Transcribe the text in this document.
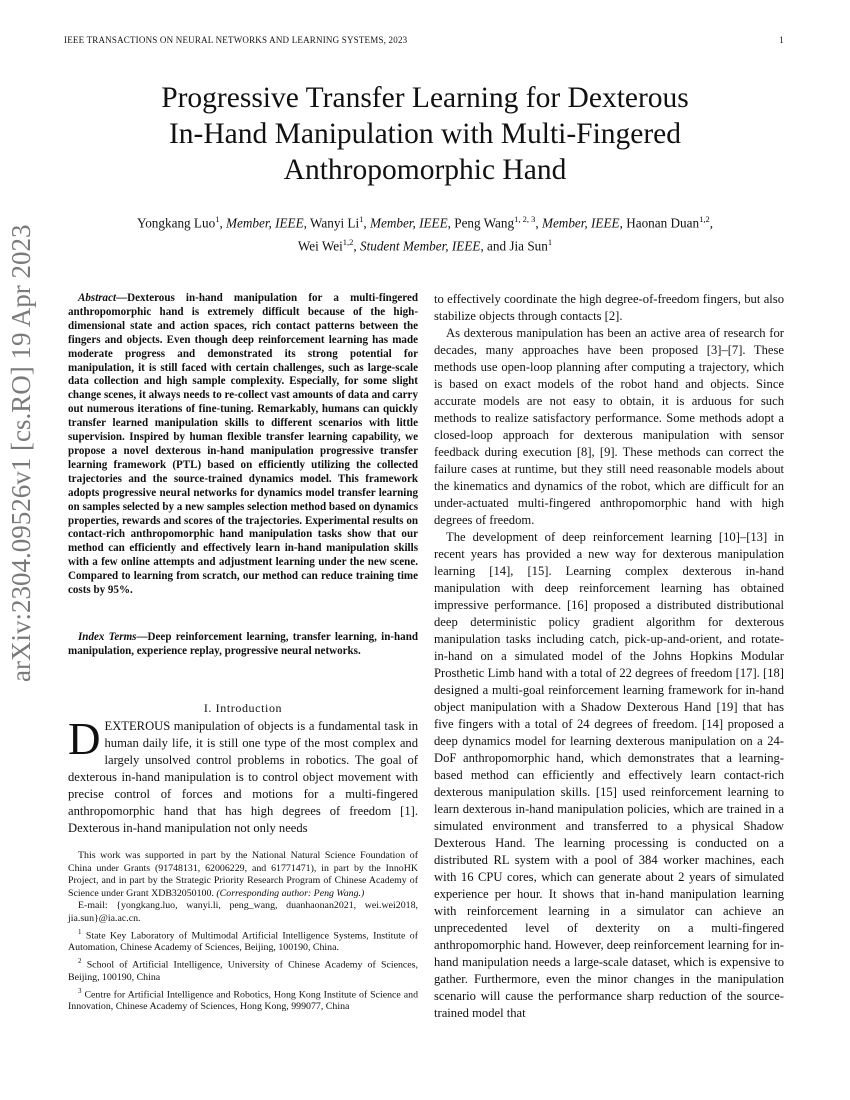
IEEE TRANSACTIONS ON NEURAL NETWORKS AND LEARNING SYSTEMS, 2023	1
Progressive Transfer Learning for Dexterous
In-Hand Manipulation with Multi-Fingered
Anthropomorphic Hand
Yongkang Luo$^1$, Member, IEEE, Wanyi Li$^1$, Member, IEEE, Peng Wang$^{1, 2, 3}$, Member, IEEE, Haonan Duan$^{1,2}$,
Wei Wei$^{1,2}$, Student Member, IEEE, and Jia Sun$^1$
arXiv:2304.09526v1 [cs.RO] 19 Apr 2023	Abstract—Dexterous in-hand manipulation for a multi-fingered anthropomorphic hand is extremely difficult because of the high-dimensional state and action spaces, rich contact patterns between the fingers and objects. Even though deep reinforcement learning has made moderate progress and demonstrated its strong potential for manipulation, it is still faced with certain challenges, such as large-scale data collection and high sample complexity. Especially, for some slight change scenes, it always needs to re-collect vast amounts of data and carry out numerous iterations of fine-tuning. Remarkably, humans can quickly transfer learned manipulation skills to different scenarios with little supervision. Inspired by human flexible transfer learning capability, we propose a novel dexterous in-hand manipulation progressive transfer learning framework (PTL) based on efficiently utilizing the collected trajectories and the source-trained dynamics model. This framework adopts progressive neural networks for dynamics model transfer learning on samples selected by a new samples selection method based on dynamics properties, rewards and scores of the trajectories. Experimental results on contact-rich anthropomorphic hand manipulation tasks show that our method can efficiently and effectively learn in-hand manipulation skills with a few online attempts and adjustment learning under the new scene. Compared to learning from scratch, our method can reduce training time costs by 95%.

Index Terms—Deep reinforcement learning, transfer learning, in-hand manipulation, experience replay, progressive neural networks.

I. Introduction

DEXTEROUS manipulation of objects is a fundamental task in human daily life, it is still one type of the most complex and largely unsolved control problems in robotics. The goal of dexterous in-hand manipulation is to control object movement with precise control of forces and motions for a multi-fingered anthropomorphic hand that has high degrees of freedom [1]. Dexterous in-hand manipulation not only needs

This work was supported in part by the National Natural Science Foundation of China under Grants (91748131, 62006229, and 61771471), in part by the InnoHK Project, and in part by the Strategic Priority Research Program of Chinese Academy of Science under Grant XDB32050100. (Corresponding author: Peng Wang.)

E-mail: {yongkang.luo, wanyi.li, peng_wang, duanhaonan2021, wei.wei2018, jia.sun}@ia.ac.cn.

$^1$ State Key Laboratory of Multimodal Artificial Intelligence Systems, Institute of Automation, Chinese Academy of Sciences, Beijing, 100190, China.

$^2$ School of Artificial Intelligence, University of Chinese Academy of Sciences, Beijing, 100190, China

$^3$ Centre for Artificial Intelligence and Robotics, Hong Kong Institute of Science and Innovation, Chinese Academy of Sciences, Hong Kong, 999077, China

to effectively coordinate the high degree-of-freedom fingers, but also stabilize objects through contacts [2].

As dexterous manipulation has been an active area of research for decades, many approaches have been proposed [3]–[7]. These methods use open-loop planning after computing a trajectory, which is based on exact models of the robot hand and objects. Since accurate models are not easy to obtain, it is arduous for such methods to realize satisfactory performance. Some methods adopt a closed-loop approach for dexterous manipulation with sensor feedback during execution [8], [9]. These methods can correct the failure cases at runtime, but they still need reasonable models about the kinematics and dynamics of the robot, which are difficult for an under-actuated multi-fingered anthropomorphic hand with high degrees of freedom.

The development of deep reinforcement learning [10]–[13] in recent years has provided a new way for dexterous manipulation learning [14], [15]. Learning complex dexterous in-hand manipulation with deep reinforcement learning has obtained impressive performance. [16] proposed a distributed distributional deep deterministic policy gradient algorithm for dexterous manipulation tasks including catch, pick-up-and-orient, and rotate-in-hand on a simulated model of the Johns Hopkins Modular Prosthetic Limb hand with a total of 22 degrees of freedom [17]. [18] designed a multi-goal reinforcement learning framework for in-hand object manipulation with a Shadow Dexterous Hand [19] that has five fingers with a total of 24 degrees of freedom. [14] proposed a deep dynamics model for learning dexterous manipulation on a 24-DoF anthropomorphic hand, which demonstrates that a learning-based method can efficiently and effectively learn contact-rich dexterous manipulation skills. [15] used reinforcement learning to learn dexterous in-hand manipulation policies, which are trained in a simulated environment and transferred to a physical Shadow Dexterous Hand. The learning processing is conducted on a distributed RL system with a pool of 384 worker machines, each with 16 CPU cores, which can generate about 2 years of simulated experience per hour. It shows that in-hand manipulation learning with reinforcement learning in a simulator can achieve an unprecedented level of dexterity on a multi-fingered anthropomorphic hand. However, deep reinforcement learning for in-hand manipulation needs a large-scale dataset, which is expensive to gather. Furthermore, even the minor changes in the manipulation scenario will cause the performance sharp reduction of the source-trained model that
